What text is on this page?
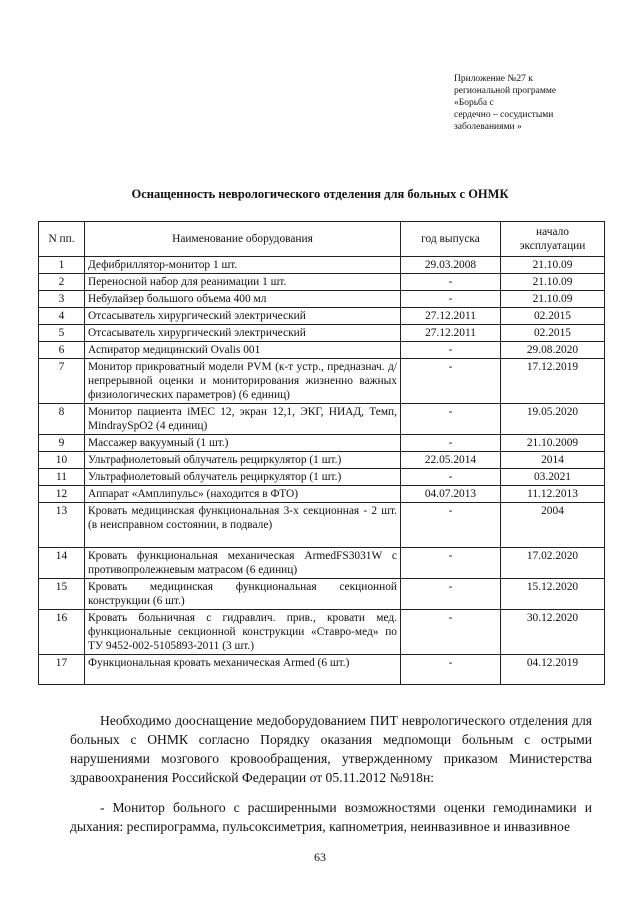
Приложение №27 к
региональной программе
«Борьба с
сердечно – сосудистыми
заболеваниями »
Оснащенность неврологического отделения для больных с ОНМК
N пп.	Наименование оборудования	год выпуска	начало эксплуатации
1	Дефибриллятор-монитор 1 шт.	29.03.2008	21.10.09
2	Переносной набор для реанимации 1 шт.	-	21.10.09
3	Небулайзер большого объема 400 мл	-	21.10.09
4	Отсасыватель хирургический электрический	27.12.2011	02.2015
5	Отсасыватель хирургический электрический	27.12.2011	02.2015
6	Аспиратор медицинский Ovalis 001	-	29.08.2020
7	Монитор прикроватный модели PVM (к-т устр., предназнач. д/непрерывной оценки и мониторирования жизненно важных физиологических параметров) (6 единиц)	-	17.12.2019
8	Монитор пациента iMEC 12, экран 12,1, ЭКГ, НИАД, Темп, MindraySpO2 (4 единиц)	-	19.05.2020
9	Массажер вакуумный (1 шт.)	-	21.10.2009
10	Ультрафиолетовый облучатель рециркулятор (1 шт.)	22.05.2014	2014
11	Ультрафиолетовый облучатель рециркулятор (1 шт.)	-	03.2021
12	Аппарат «Амплипульс» (находится в ФТО)	04.07.2013	11.12.2013
13	Кровать медицинская функциональная 3-х секционная - 2 шт. (в неисправном состоянии, в подвале)	-	2004
14	Кровать функциональная механическая ArmedFS3031W с противопролежневым матрасом (6 единиц)	-	17.02.2020
15	Кровать медицинская функциональная секционной конструкции (6 шт.)	-	15.12.2020
16	Кровать больничная с гидравлич. прив., кровати мед. функциональные секционной конструкции «Ставро-мед» по ТУ 9452-002-5105893-2011 (3 шт.)	-	30.12.2020
17	Функциональная кровать механическая Armed (6 шт.)	-	04.12.2019
Необходимо дооснащение медоборудованием ПИТ неврологического отделения для больных с ОНМК согласно Порядку оказания медпомощи больным с острыми нарушениями мозгового кровообращения, утвержденному приказом Министерства здравоохранения Российской Федерации от 05.11.2012 №918н:
- Монитор больного с расширенными возможностями оценки гемодинамики и дыхания: респирограмма, пульсоксиметрия, капнометрия, неинвазивное и инвазивное
63
